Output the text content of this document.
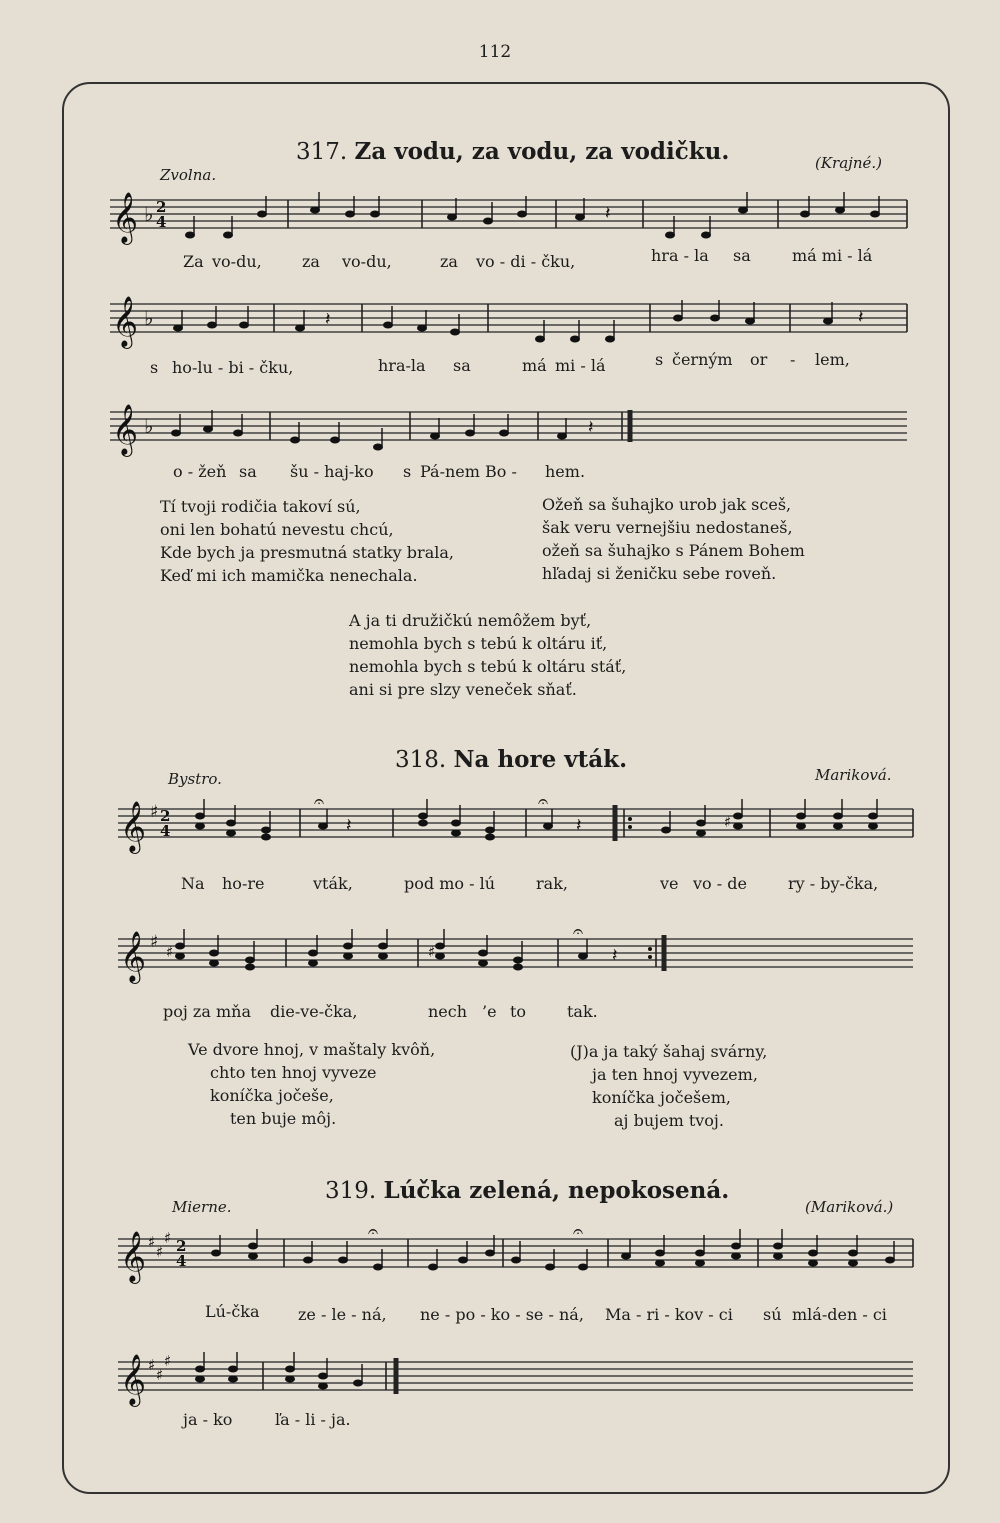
112
317. Za vodu, za vodu, za vodičku.
Zvolna.
(Krajné.)
𝄞 ♭ 2
4	𝄽
Za vo-du,	za vo-du,	za vo - di - čku,	hra - la sa	má mi - lá
𝄞 ♭	𝄽	𝄽
s ho-lu - bi - čku,	hra-la sa	má mi - lá	s černým or - lem,
𝄞 ♭	𝄽
o - žeň sa šu - haj-ko s Pá-nem Bo - hem.
Tí tvoji rodičia takoví sú,
oni len bohatú nevestu chcú,
Kde bych ja presmutná statky brala,
Keď mi ich mamička nenechala.
Ožeň sa šuhajko urob jak sceš,
šak veru vernejšiu nedostaneš,
ožeň sa šuhajko s Pánem Bohem
hľadaj si ženičku sebe roveň.
A ja ti družičkú nemôžem byť,
nemohla bych s tebú k oltáru iť,
nemohla bych s tebú k oltáru stáť,
ani si pre slzy veneček sňať.
318. Na hore vták.
Bystro.	Mariková.
𝄞 ♯ 2
4
𝄐
𝄽
𝄐
𝄽	♯
Na ho-re	vták,	pod mo - lú	rak,	ve vo - de	ry - by-čka,
𝄞 ♯ ♯	♯
𝄐
𝄽
poj za mňa die-ve-čka,	nech ’e to	tak.
Ve dvore hnoj, v maštaly kvôň,
chto ten hnoj vyveze
koníčka jočeše,
ten buje môj.
(J)a ja taký šahaj svárny,
ja ten hnoj vyvezem,
koníčka jočešem,
aj bujem tvoj.
319. Lúčka zelená, nepokosená.
Mierne.	(Mariková.)
𝄞 ♯
♯
♯ 2
4
𝄐	𝄐
Lú-čka ze - le - ná, ne - po - ko - se - ná, Ma - ri - kov - ci sú mlá-den - ci
𝄞 ♯
♯
♯
ja - ko	ľa - li - ja.
